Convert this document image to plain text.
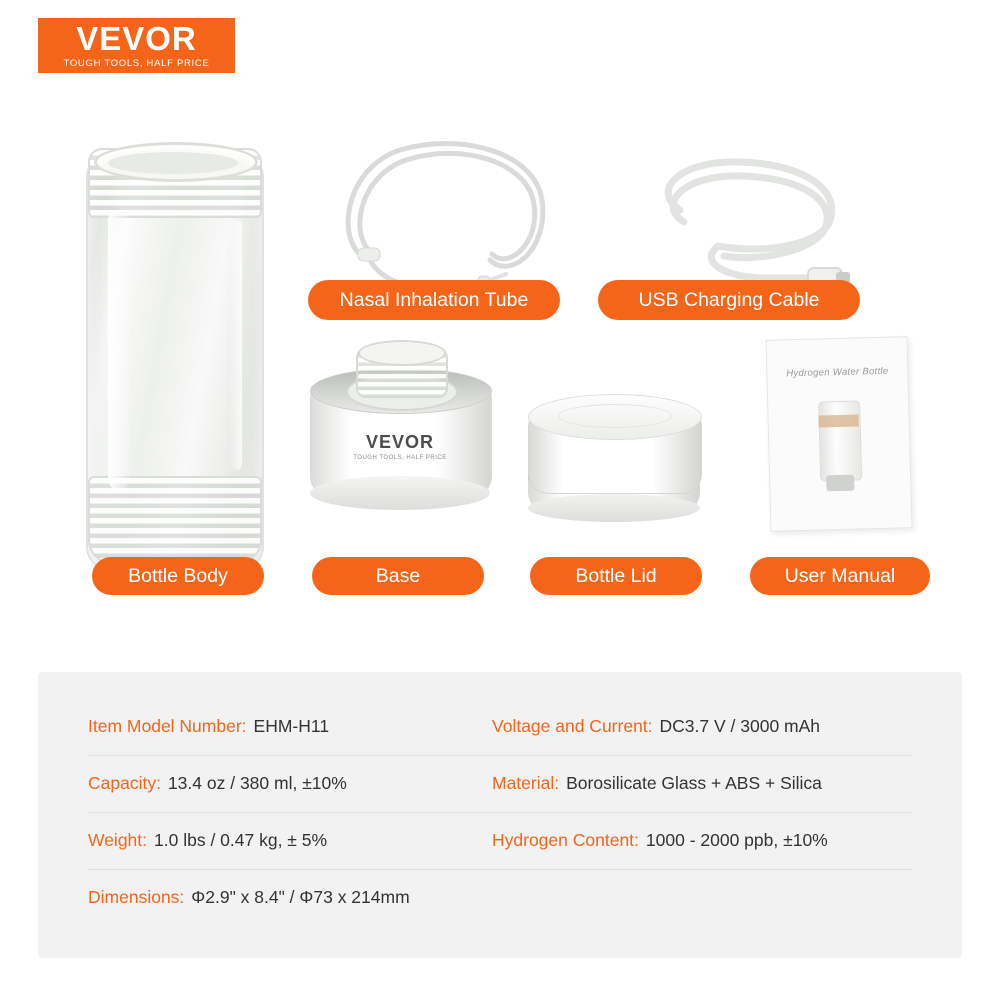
VEVOR
TOUGH TOOLS, HALF PRICE
VEVOR
TOUGH TOOLS, HALF PRICE
Hydrogen Water Bottle
Nasal Inhalation Tube	USB Charging Cable
Bottle Body	Base	Bottle Lid	User Manual
Item Model Number: EHM-H11	Voltage and Current: DC3.7 V / 3000 mAh
Capacity: 13.4 oz / 380 ml, ±10%	Material: Borosilicate Glass + ABS + Silica
Weight: 1.0 lbs / 0.47 kg, ± 5%	Hydrogen Content: 1000 - 2000 ppb, ±10%
Dimensions: Φ2.9" x 8.4" / Φ73 x 214mm
